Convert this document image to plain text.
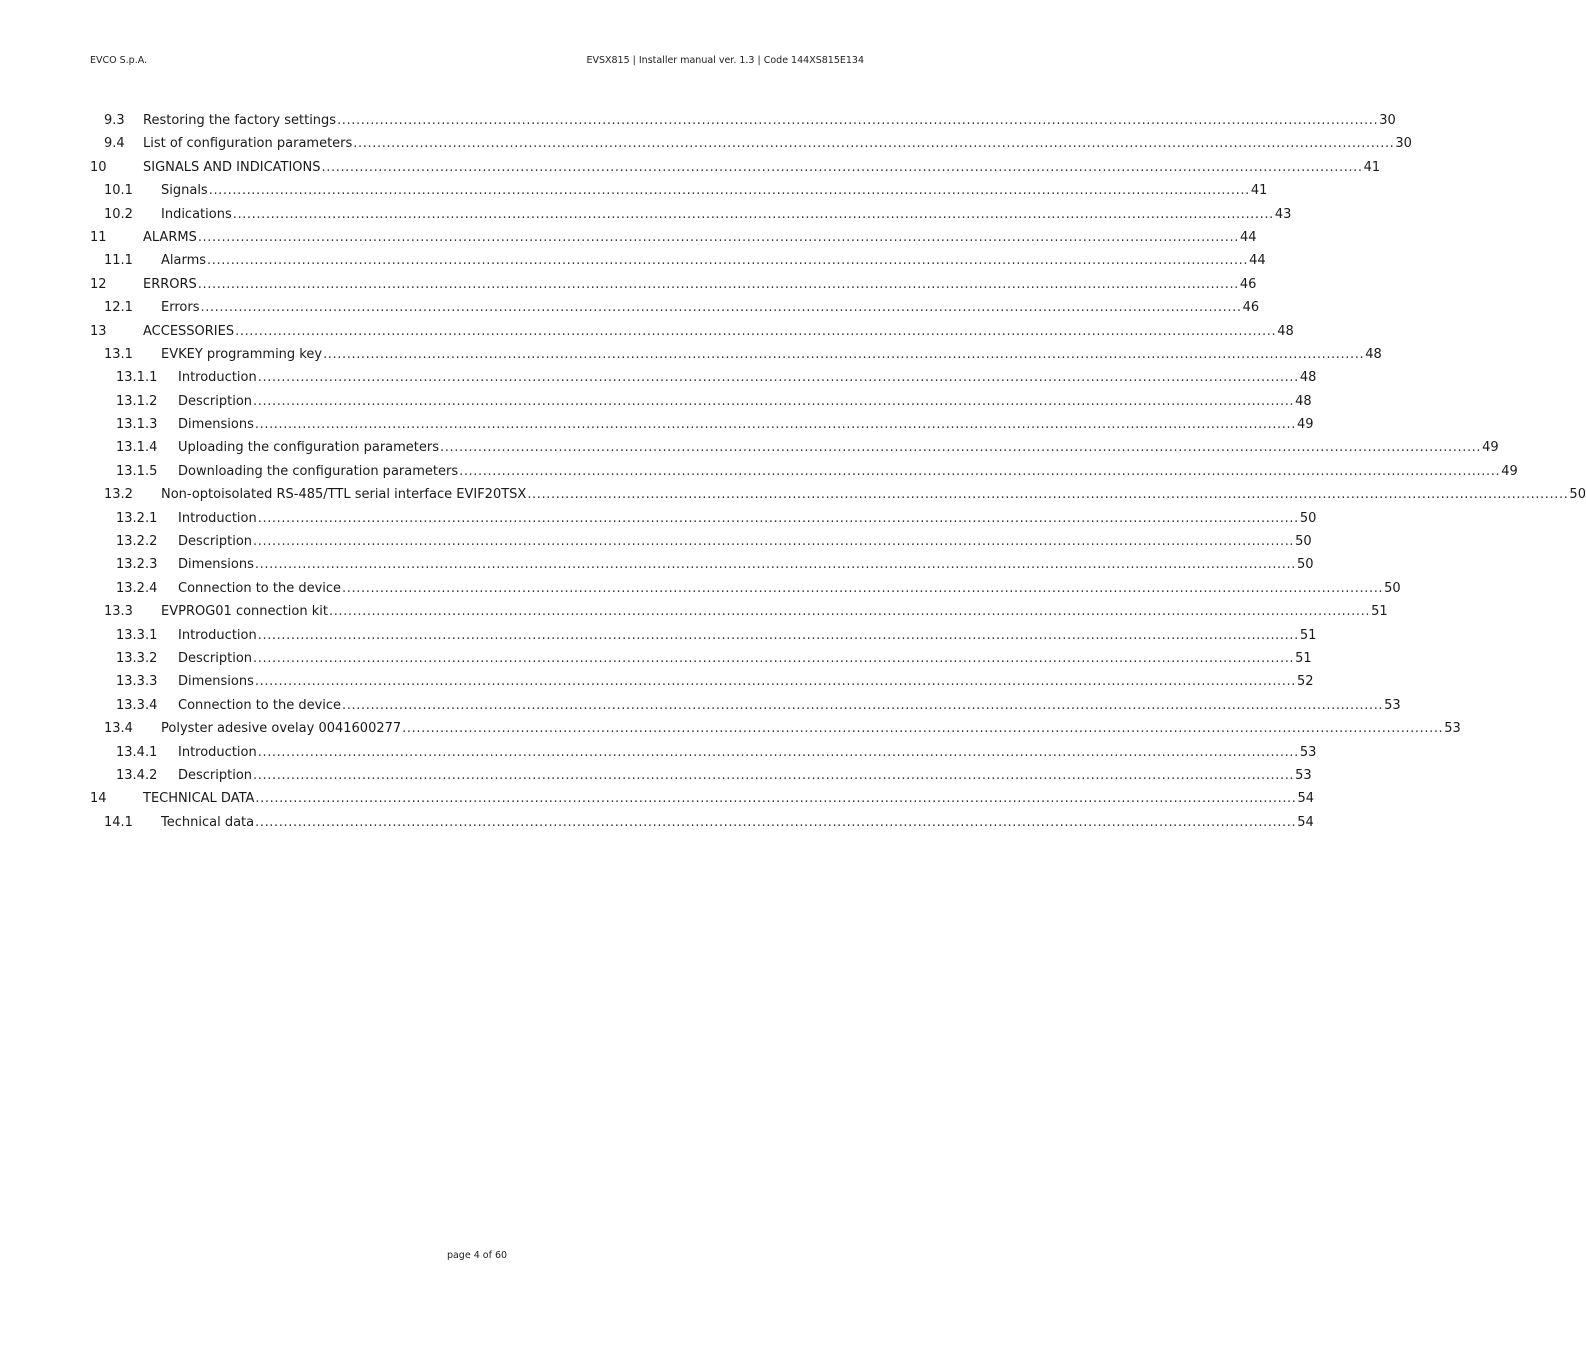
EVCO S.p.A.	EVSX815 | Installer manual ver. 1.3 | Code 144XS815E134
9.3 Restoring the factory settings ............................................................................................................................................................................................................................ 30
9.4 List of configuration parameters ............................................................................................................................................................................................................................ 30
10	SIGNALS AND INDICATIONS ............................................................................................................................................................................................................................ 41
10.1 Signals ............................................................................................................................................................................................................................ 41
10.2 Indications ............................................................................................................................................................................................................................ 43
11	ALARMS ............................................................................................................................................................................................................................ 44
11.1 Alarms ............................................................................................................................................................................................................................ 44
12	ERRORS ............................................................................................................................................................................................................................ 46
12.1 Errors ............................................................................................................................................................................................................................ 46
13	ACCESSORIES ............................................................................................................................................................................................................................ 48
13.1 EVKEY programming key ............................................................................................................................................................................................................................ 48
13.1.1 Introduction ............................................................................................................................................................................................................................ 48
13.1.2 Description ............................................................................................................................................................................................................................ 48
13.1.3 Dimensions ............................................................................................................................................................................................................................ 49
13.1.4 Uploading the configuration parameters ............................................................................................................................................................................................................................ 49
13.1.5 Downloading the configuration parameters ............................................................................................................................................................................................................................ 49
13.2 Non-optoisolated RS-485/TTL serial interface EVIF20TSX ............................................................................................................................................................................................................................ 50
13.2.1 Introduction ............................................................................................................................................................................................................................ 50
13.2.2 Description ............................................................................................................................................................................................................................ 50
13.2.3 Dimensions ............................................................................................................................................................................................................................ 50
13.2.4 Connection to the device ............................................................................................................................................................................................................................ 50
13.3 EVPROG01 connection kit ............................................................................................................................................................................................................................ 51
13.3.1 Introduction ............................................................................................................................................................................................................................ 51
13.3.2 Description ............................................................................................................................................................................................................................ 51
13.3.3 Dimensions ............................................................................................................................................................................................................................ 52
13.3.4 Connection to the device ............................................................................................................................................................................................................................ 53
13.4 Polyster adesive ovelay 0041600277 ............................................................................................................................................................................................................................ 53
13.4.1 Introduction ............................................................................................................................................................................................................................ 53
13.4.2 Description ............................................................................................................................................................................................................................ 53
14	TECHNICAL DATA ............................................................................................................................................................................................................................ 54
14.1 Technical data ............................................................................................................................................................................................................................ 54
page 4 of 60
